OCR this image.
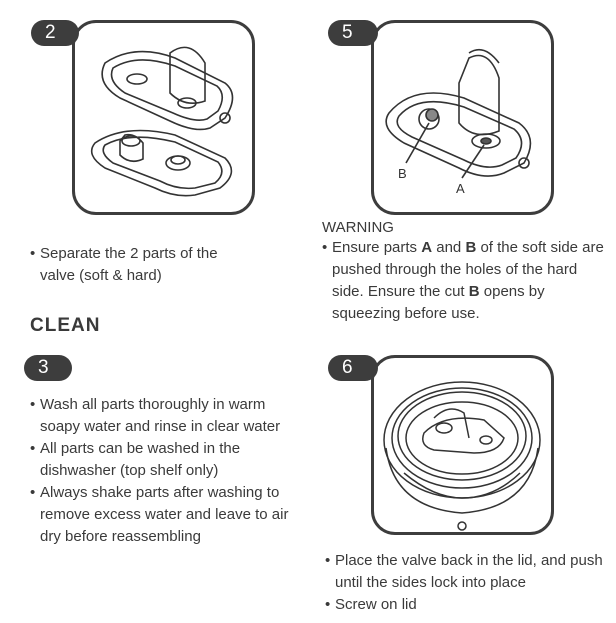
2
• Separate the 2 parts of the valve (soft & hard)
CLEAN
3
• Wash all parts thoroughly in warm soapy water and rinse in clear water
• All parts can be washed in the dishwasher (top shelf only)
• Always shake parts after washing to remove excess water and leave to air dry before reassembling
B
A
5
WARNING
• Ensure parts A and B of the soft side are pushed through the holes of the hard side. Ensure the cut B opens by squeezing before use.
6
• Place the valve back in the lid, and push until the sides lock into place
• Screw on lid
